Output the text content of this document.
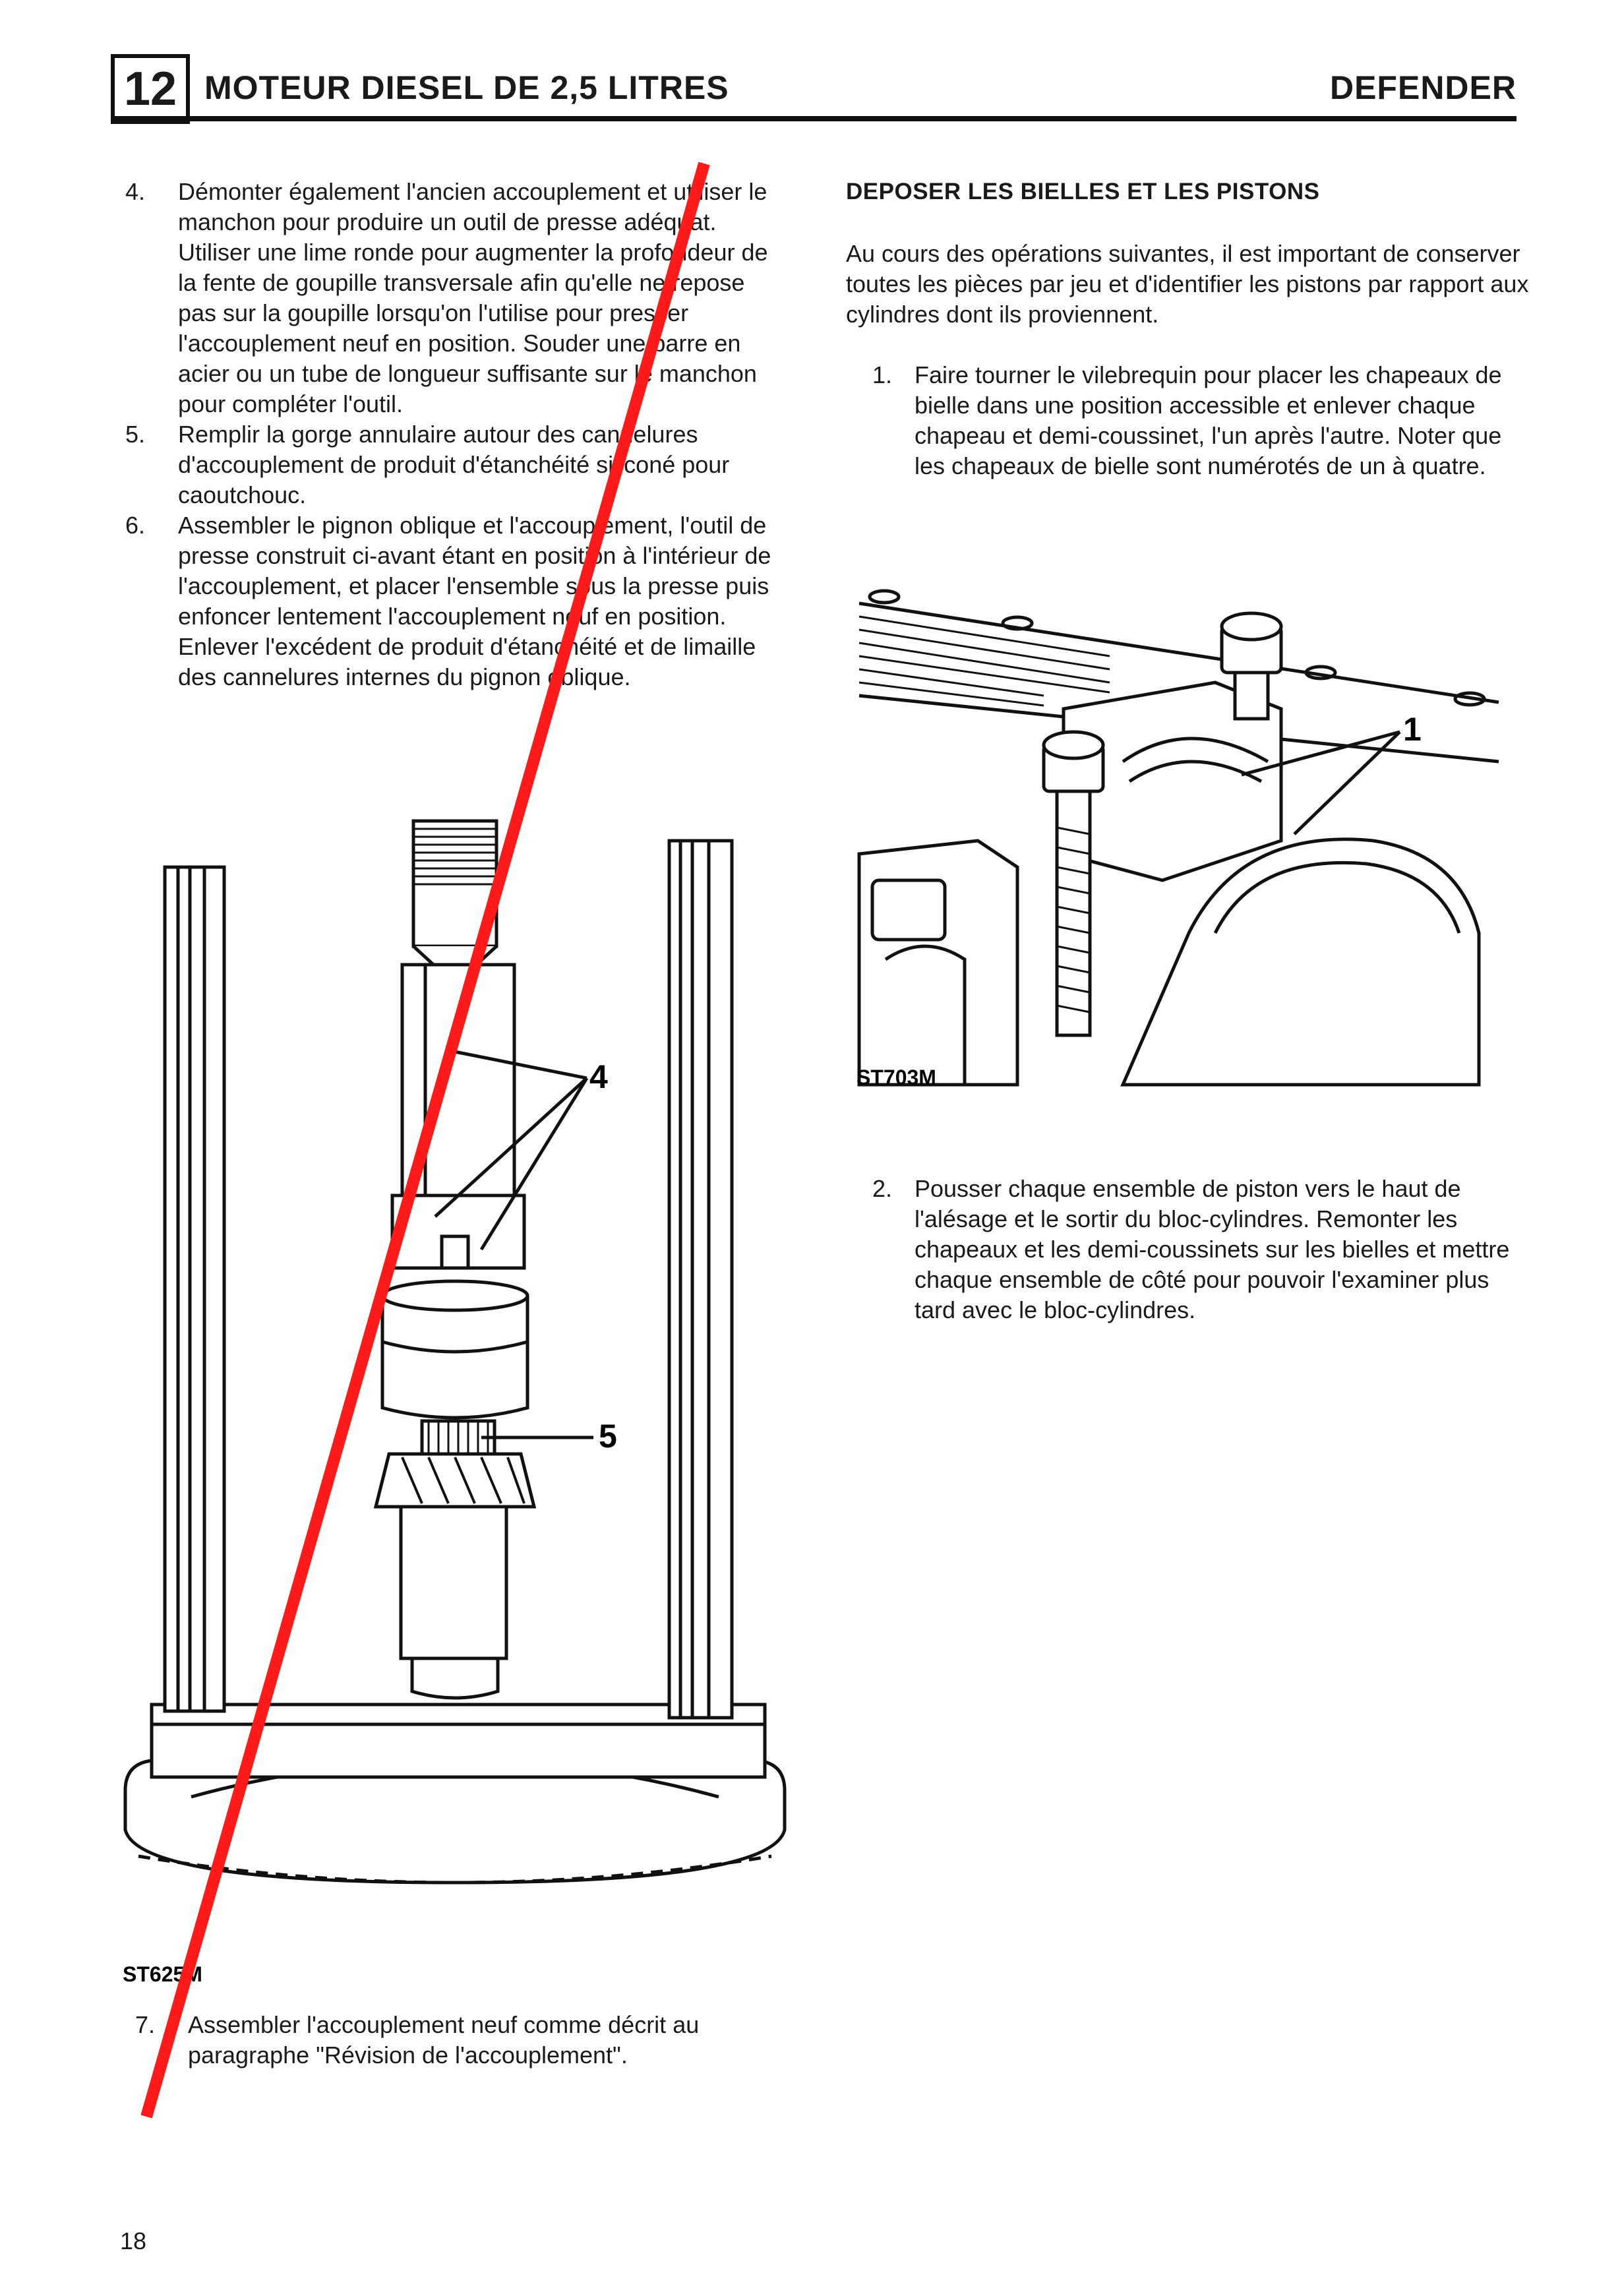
12 MOTEUR DIESEL DE 2,5 LITRES	DEFENDER
4.	Démonter également l'ancien accouplement et utiliser le manchon pour produire un outil de presse adéquat. Utiliser une lime ronde pour augmenter la profondeur de la fente de goupille transversale afin qu'elle ne repose pas sur la goupille lorsqu'on l'utilise pour presser l'accouplement neuf en position. Souder une barre en acier ou un tube de longueur suffisante sur le manchon pour compléter l'outil.
5.	Remplir la gorge annulaire autour des cannelures d'accouplement de produit d'étanchéité siliconé pour caoutchouc.
6.	Assembler le pignon oblique et l'accouplement, l'outil de presse construit ci-avant étant en position à l'intérieur de l'accouplement, et placer l'ensemble sous la presse puis enfoncer lentement l'accouplement neuf en position. Enlever l'excédent de produit d'étanchéité et de limaille des cannelures internes du pignon oblique.
4
5
ST625M
7.	Assembler l'accouplement neuf comme décrit au paragraphe "Révision de l'accouplement".
DEPOSER LES BIELLES ET LES PISTONS
Au cours des opérations suivantes, il est important de conserver toutes les pièces par jeu et d'identifier les pistons par rapport aux cylindres dont ils proviennent.
1. Faire tourner le vilebrequin pour placer les chapeaux de bielle dans une position accessible et enlever chaque chapeau et demi-coussinet, l'un après l'autre. Noter que les chapeaux de bielle sont numérotés de un à quatre.
1
ST703M
2. Pousser chaque ensemble de piston vers le haut de l'alésage et le sortir du bloc-cylindres. Remonter les chapeaux et les demi-coussinets sur les bielles et mettre chaque ensemble de côté pour pouvoir l'examiner plus tard avec le bloc-cylindres.
18
